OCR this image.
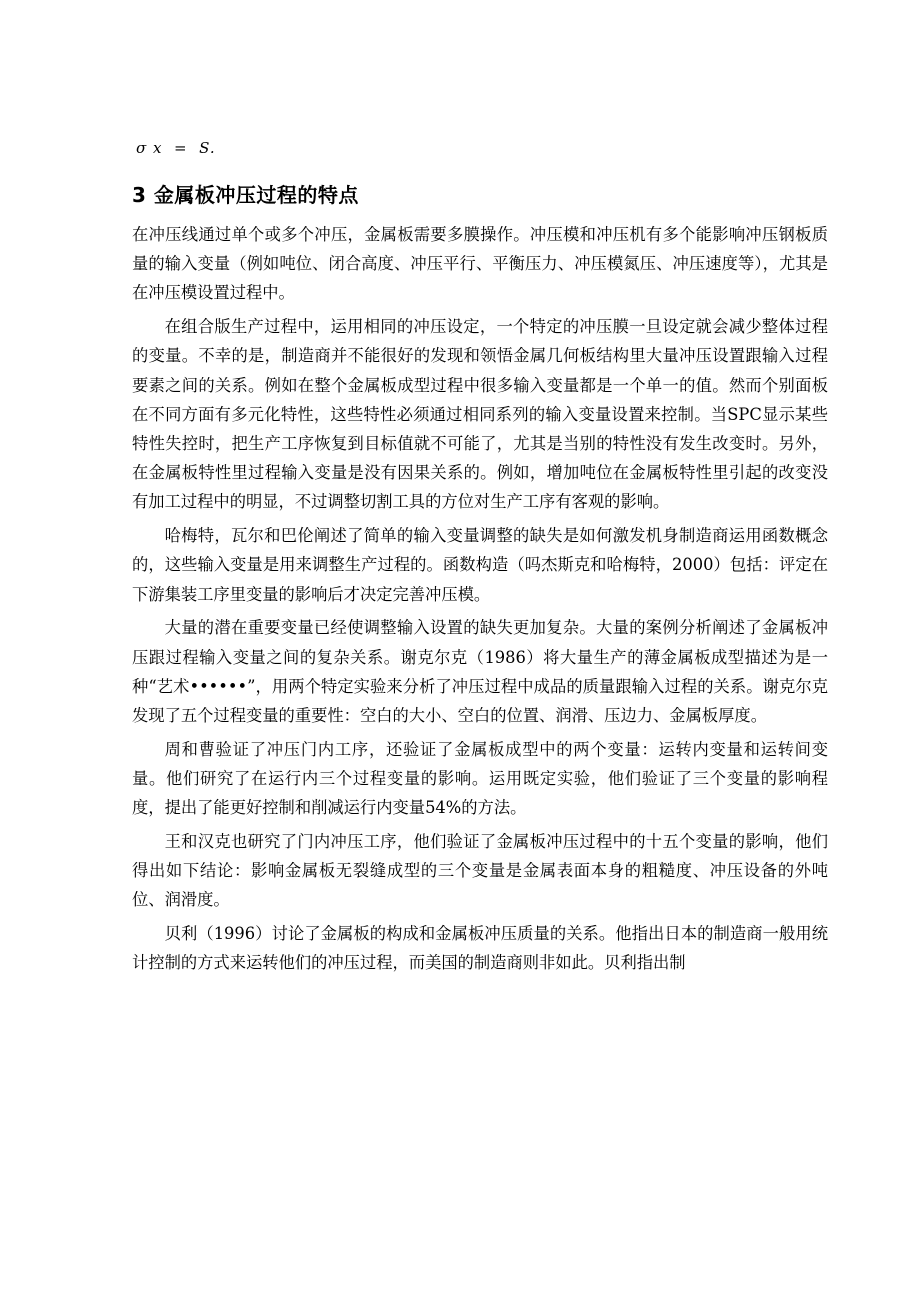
σ x  =  S.
3 金属板冲压过程的特点

在冲压线通过单个或多个冲压，金属板需要多膜操作。冲压模和冲压机有多个能影响冲压钢板质量的输入变量（例如吨位、闭合高度、冲压平行、平衡压力、冲压模氮压、冲压速度等），尤其是在冲压模设置过程中。

在组合版生产过程中，运用相同的冲压设定，一个特定的冲压膜一旦设定就会减少整体过程的变量。不幸的是，制造商并不能很好的发现和领悟金属几何板结构里大量冲压设置跟输入过程要素之间的关系。例如在整个金属板成型过程中很多输入变量都是一个单一的值。然而个别面板在不同方面有多元化特性，这些特性必须通过相同系列的输入变量设置来控制。当SPC显示某些特性失控时，把生产工序恢复到目标值就不可能了，尤其是当别的特性没有发生改变时。另外，在金属板特性里过程输入变量是没有因果关系的。例如，增加吨位在金属板特性里引起的改变没有加工过程中的明显，不过调整切割工具的方位对生产工序有客观的影响。

哈梅特，瓦尔和巴伦阐述了简单的输入变量调整的缺失是如何激发机身制造商运用函数概念的，这些输入变量是用来调整生产过程的。函数构造（吗杰斯克和哈梅特，2000）包括：评定在下游集装工序里变量的影响后才决定完善冲压模。

大量的潜在重要变量已经使调整输入设置的缺失更加复杂。大量的案例分析阐述了金属板冲压跟过程输入变量之间的复杂关系。谢克尔克（1986）将大量生产的薄金属板成型描述为是一种“艺术••••••”，用两个特定实验来分析了冲压过程中成品的质量跟输入过程的关系。谢克尔克发现了五个过程变量的重要性：空白的大小、空白的位置、润滑、压边力、金属板厚度。

周和曹验证了冲压门内工序，还验证了金属板成型中的两个变量：运转内变量和运转间变量。他们研究了在运行内三个过程变量的影响。运用既定实验，他们验证了三个变量的影响程度，提出了能更好控制和削减运行内变量54%的方法。

王和汉克也研究了门内冲压工序，他们验证了金属板冲压过程中的十五个变量的影响，他们得出如下结论：影响金属板无裂缝成型的三个变量是金属表面本身的粗糙度、冲压设备的外吨位、润滑度。

贝利（1996）讨论了金属板的构成和金属板冲压质量的关系。他指出日本的制造商一般用统计控制的方式来运转他们的冲压过程，而美国的制造商则非如此。贝利指出制
